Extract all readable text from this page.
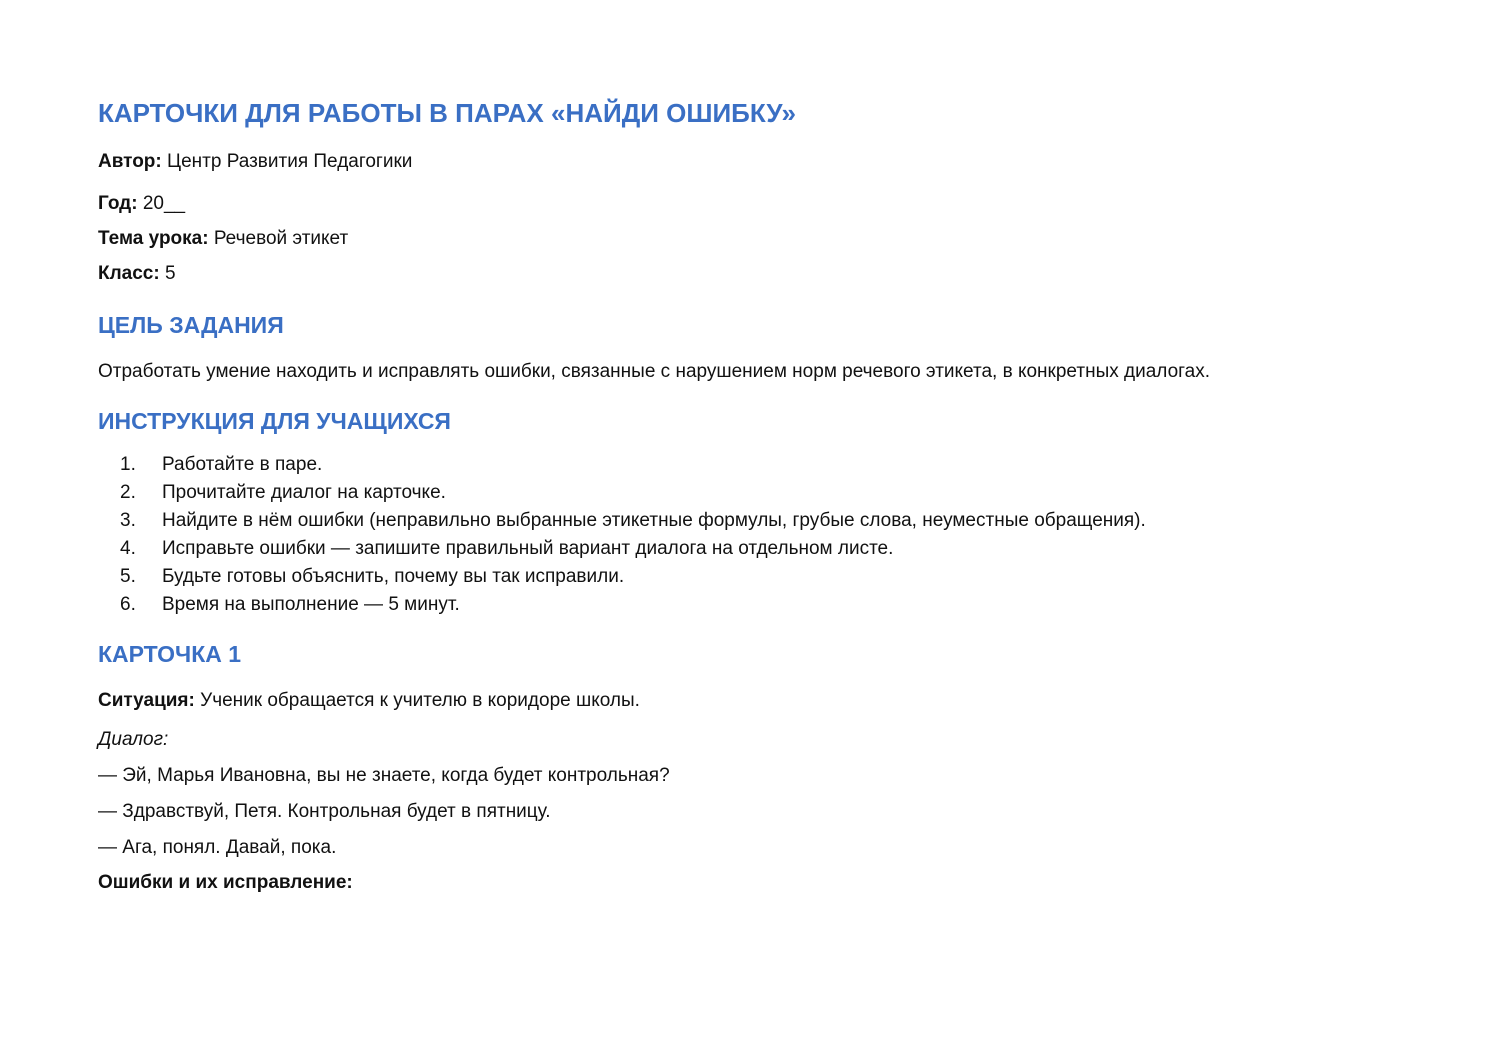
КАРТОЧКИ ДЛЯ РАБОТЫ В ПАРАХ «НАЙДИ ОШИБКУ»

Автор: Центр Развития Педагогики

Год: 20__

Тема урока: Речевой этикет

Класс: 5

ЦЕЛЬ ЗАДАНИЯ

Отработать умение находить и исправлять ошибки, связанные с нарушением норм речевого этикета, в конкретных диалогах.

ИНСТРУКЦИЯ ДЛЯ УЧАЩИХСЯ
1.	Работайте в паре.
2.	Прочитайте диалог на карточке.
3.	Найдите в нём ошибки (неправильно выбранные этикетные формулы, грубые слова, неуместные обращения).
4.	Исправьте ошибки — запишите правильный вариант диалога на отдельном листе.
5.	Будьте готовы объяснить, почему вы так исправили.
6.	Время на выполнение — 5 минут.
КАРТОЧКА 1

Ситуация: Ученик обращается к учителю в коридоре школы.

Диалог:

— Эй, Марья Ивановна, вы не знаете, когда будет контрольная?

— Здравствуй, Петя. Контрольная будет в пятницу.

— Ага, понял. Давай, пока.

Ошибки и их исправление:
